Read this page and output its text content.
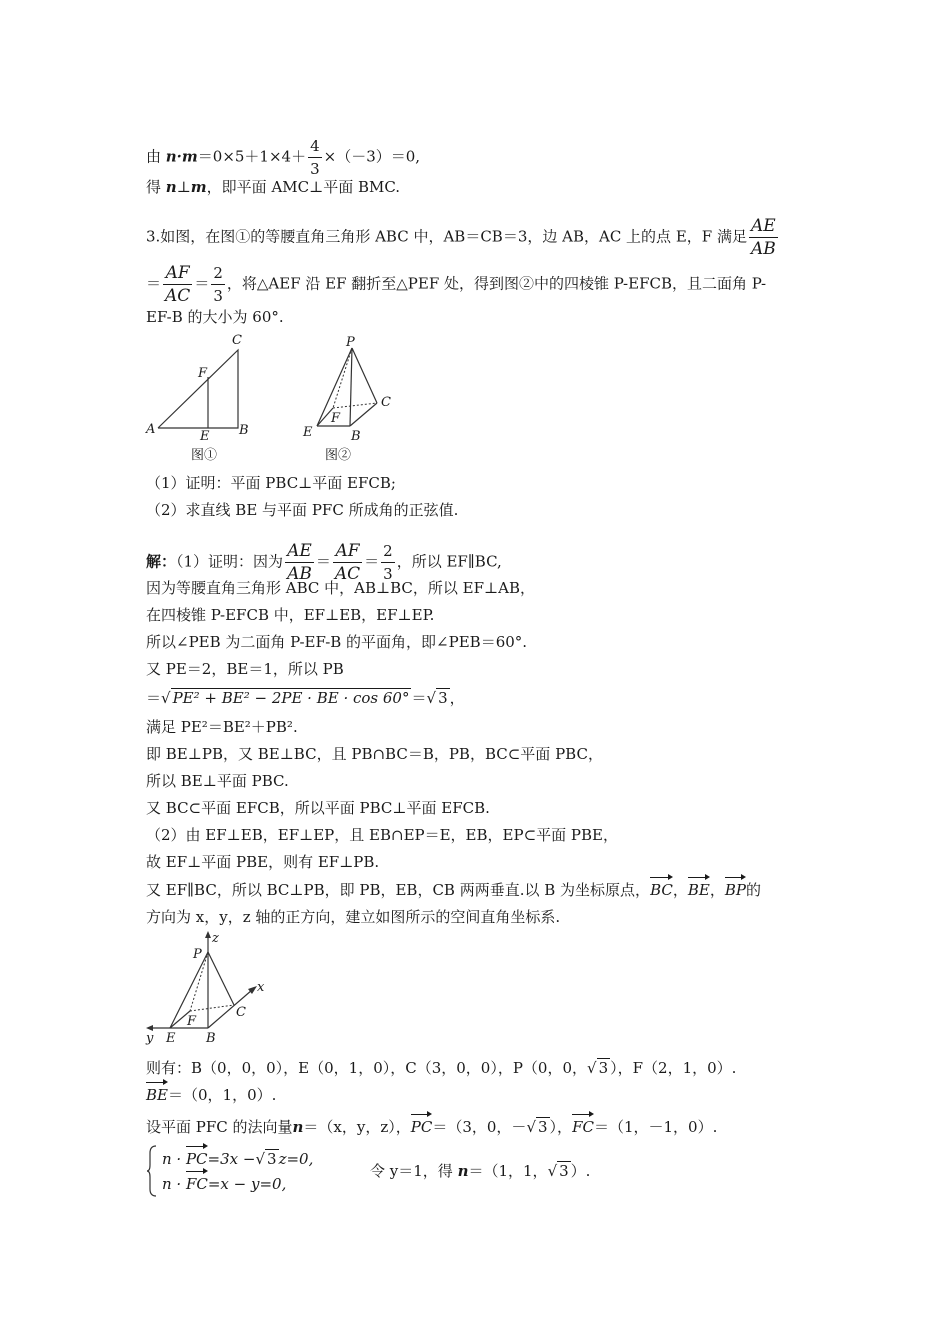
由 $n\cdot m=0\times 5+1\times 4+ \frac{4}{3} \times(-3)=0$,
得 n⊥m，即平面 AMC⊥平面 BMC.
3.如图，在图①的等腰直角三角形 ABC 中，AB＝CB＝3，边 AB，AC 上的点 E，F 满足 $\frac{AE}{AB}$
＝ $\frac{AF}{AC} = \frac{2}{3}$ ，将△AEF 沿 EF 翻折至△PEF 处，得到图②中的四棱锥 P-EFCB，且二面角 P-
EF-B 的大小为 60°.
C
F
A	E B
图①
P
C
F
E	B
图②
（1）证明：平面 PBC⊥平面 EFCB;
（2）求直线 BE 与平面 PFC 所成角的正弦值.
解：（1）证明：因为 $\frac{AE}{AB} = \frac{AF}{AC} = \frac{2}{3}$ ，所以 EF∥BC,
因为等腰直角三角形 ABC 中，AB⊥BC，所以 EF⊥AB，
在四棱锥 P-EFCB 中，EF⊥EB，EF⊥EP.
所以∠PEB 为二面角 P-EF-B 的平面角，即∠PEB＝60°.
又 PE＝2，BE＝1，所以 PB
＝√ PE² + BE² − 2PE · BE · cos 60° ＝√ 3 ，
满足 PE²＝BE²＋PB².
即 BE⊥PB，又 BE⊥BC，且 PB∩BC＝B，PB，BC⊂平面 PBC，
所以 BE⊥平面 PBC.
又 BC⊂平面 EFCB，所以平面 PBC⊥平面 EFCB.
（2）由 EF⊥EB，EF⊥EP，且 EB∩EP＝E，EB，EP⊂平面 PBE，
故 EF⊥平面 PBE，则有 EF⊥PB.
又 EF∥BC，所以 BC⊥PB，即 PB，EB，CB 两两垂直.以 B 为坐标原点，BC，BE，BP的
方向为 x，y，z 轴的正方向，建立如图所示的空间直角坐标系.
z
P
x
C
F
y E B
则有：B（0，0，0），E（0，1，0），C（3，0，0），P（0，0，√ 3 ），F（2，1，0）.
BE＝（0，1，0）.
设平面 PFC 的法向量n＝（x，y，z），PC＝（3，0，－√ 3 ），FC＝（1，－1，0）.
n · PC=3x −√ 3 z=0,
n · FC=x − y=0,
令 y＝1，得 n＝（1，1，√ 3 ）.
